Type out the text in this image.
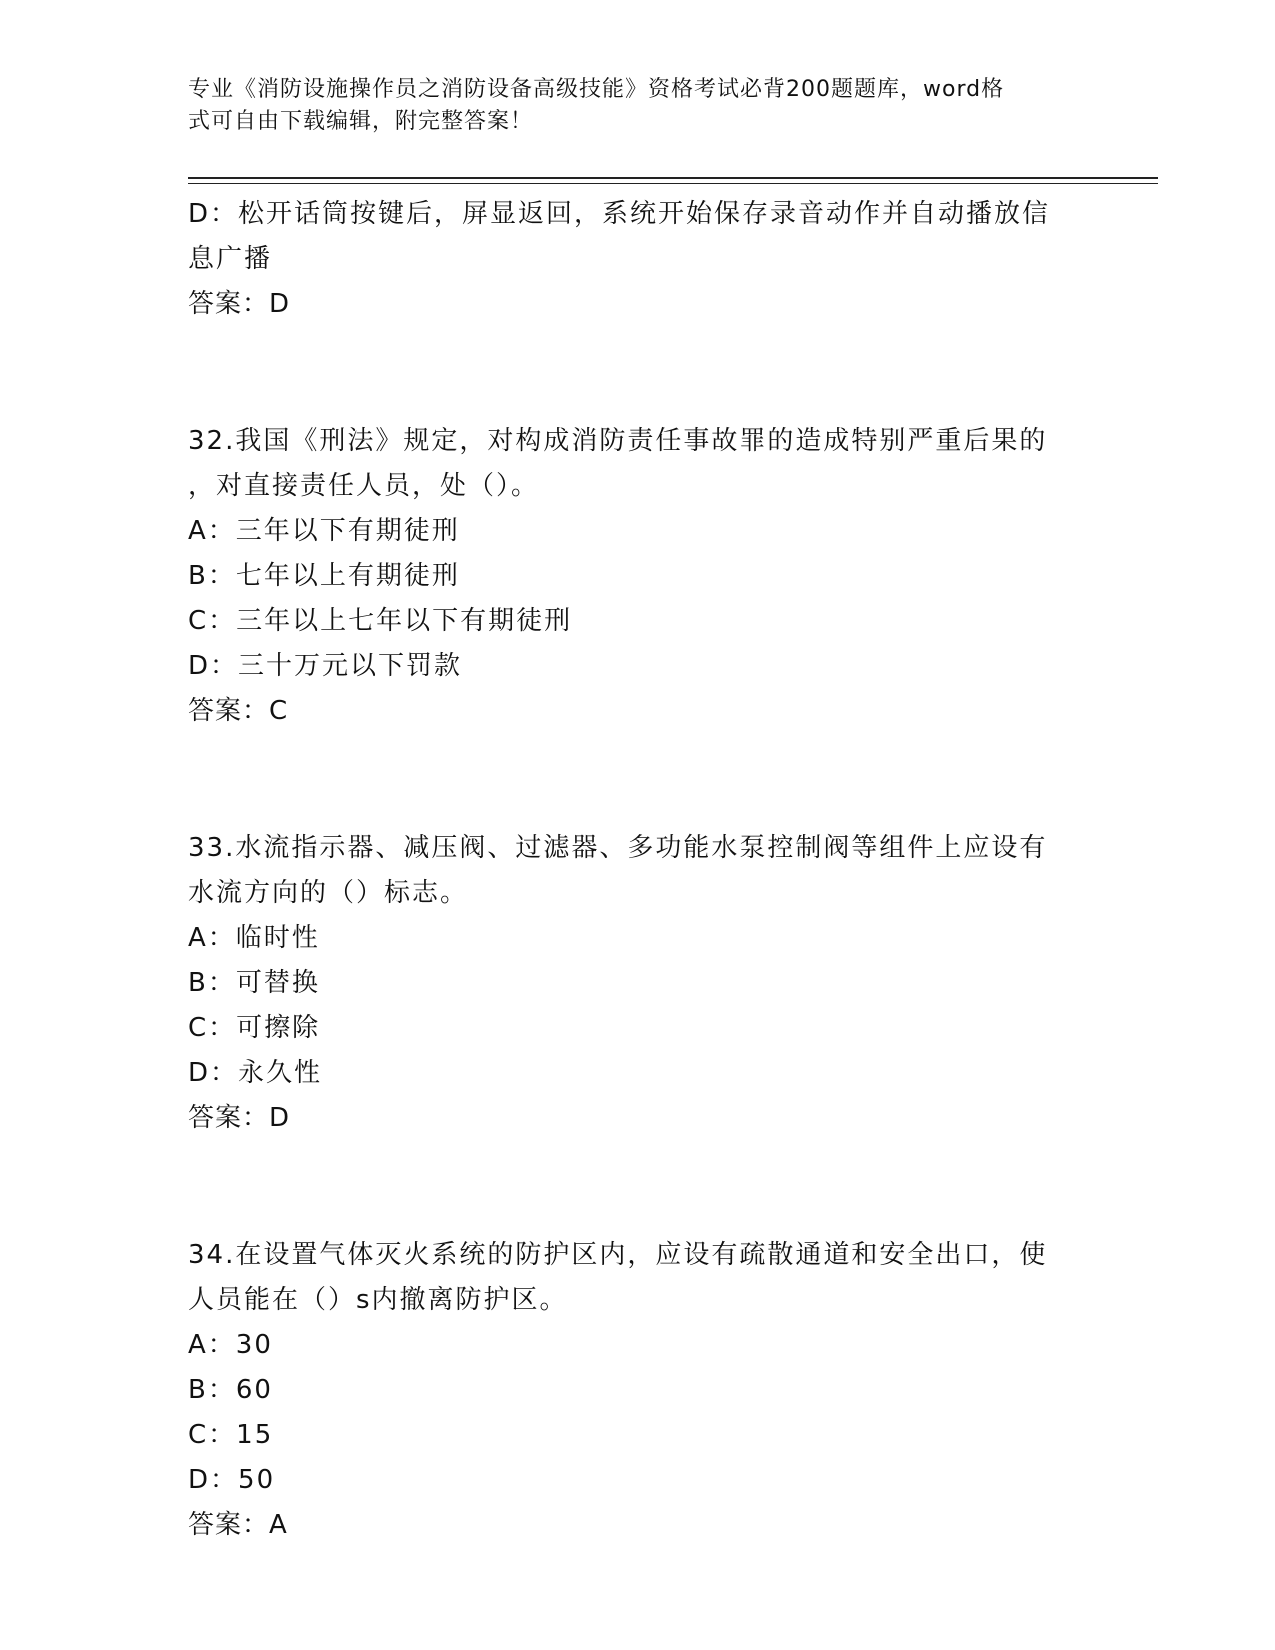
专业《消防设施操作员之消防设备高级技能》资格考试必背200题题库，word格
式可自由下载编辑，附完整答案！
D：松开话筒按键后，屏显返回，系统开始保存录音动作并自动播放信
息广播
答案：D
32.我国《刑法》规定，对构成消防责任事故罪的造成特别严重后果的
，对直接责任人员，处（）。
A：三年以下有期徒刑
B：七年以上有期徒刑
C：三年以上七年以下有期徒刑
D：三十万元以下罚款
答案：C
33.水流指示器、减压阀、过滤器、多功能水泵控制阀等组件上应设有
水流方向的（）标志。
A：临时性
B：可替换
C：可擦除
D：永久性
答案：D
34.在设置气体灭火系统的防护区内，应设有疏散通道和安全出口，使
人员能在（）s内撤离防护区。
A：30
B：60
C：15
D：50
答案：A
